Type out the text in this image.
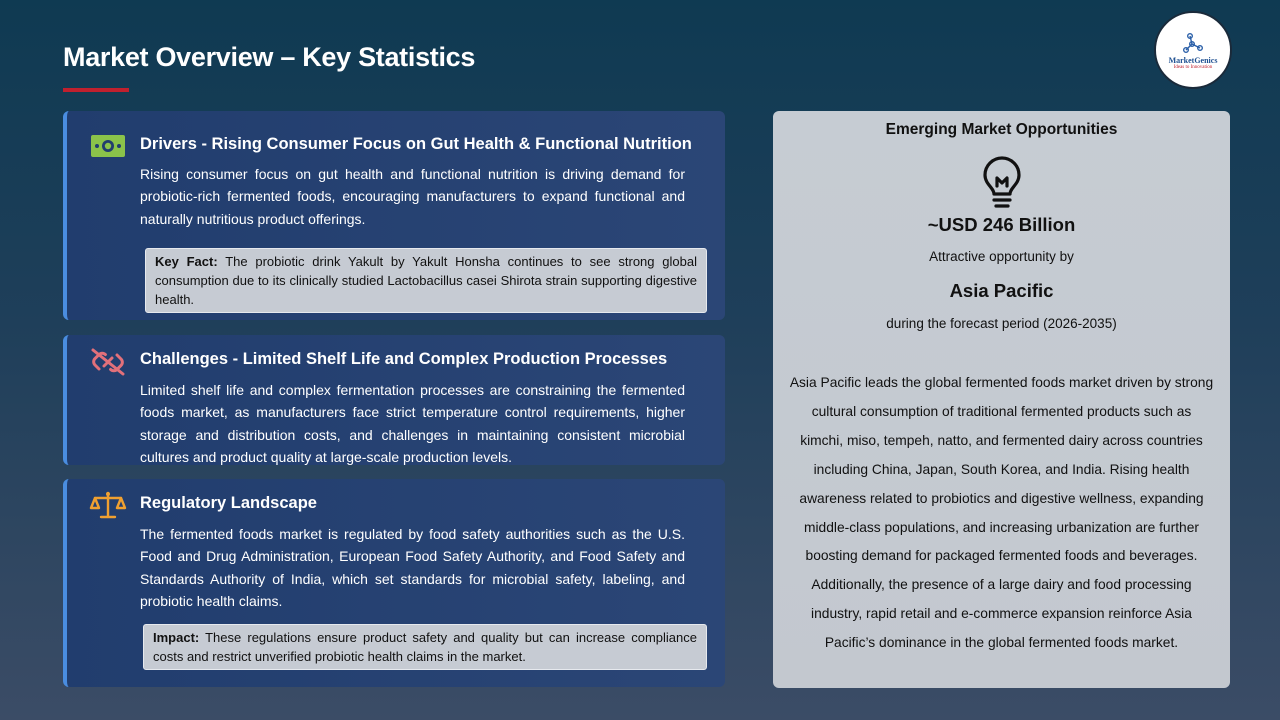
Market Overview – Key Statistics	MarketGenics
Ideas to Innovation
Drivers - Rising Consumer Focus on Gut Health & Functional Nutrition
Rising consumer focus on gut health and functional nutrition is driving demand for probiotic-rich fermented foods, encouraging manufacturers to expand functional and naturally nutritious product offerings.
Key Fact: The probiotic drink Yakult by Yakult Honsha continues to see strong global consumption due to its clinically studied Lactobacillus casei Shirota strain supporting digestive health.
Challenges - Limited Shelf Life and Complex Production Processes
Limited shelf life and complex fermentation processes are constraining the fermented foods market, as manufacturers face strict temperature control requirements, higher storage and distribution costs, and challenges in maintaining consistent microbial cultures and product quality at large-scale production levels.
Regulatory Landscape
The fermented foods market is regulated by food safety authorities such as the U.S. Food and Drug Administration, European Food Safety Authority, and Food Safety and Standards Authority of India, which set standards for microbial safety, labeling, and probiotic health claims.
Impact: These regulations ensure product safety and quality but can increase compliance costs and restrict unverified probiotic health claims in the market.
Emerging Market Opportunities
~USD 246 Billion
Attractive opportunity by
Asia Pacific
during the forecast period (2026-2035)
Asia Pacific leads the global fermented foods market driven by strong cultural consumption of traditional fermented products such as kimchi, miso, tempeh, natto, and fermented dairy across countries including China, Japan, South Korea, and India. Rising health awareness related to probiotics and digestive wellness, expanding middle-class populations, and increasing urbanization are further boosting demand for packaged fermented foods and beverages. Additionally, the presence of a large dairy and food processing industry, rapid retail and e-commerce expansion reinforce Asia Pacific’s dominance in the global fermented foods market.
